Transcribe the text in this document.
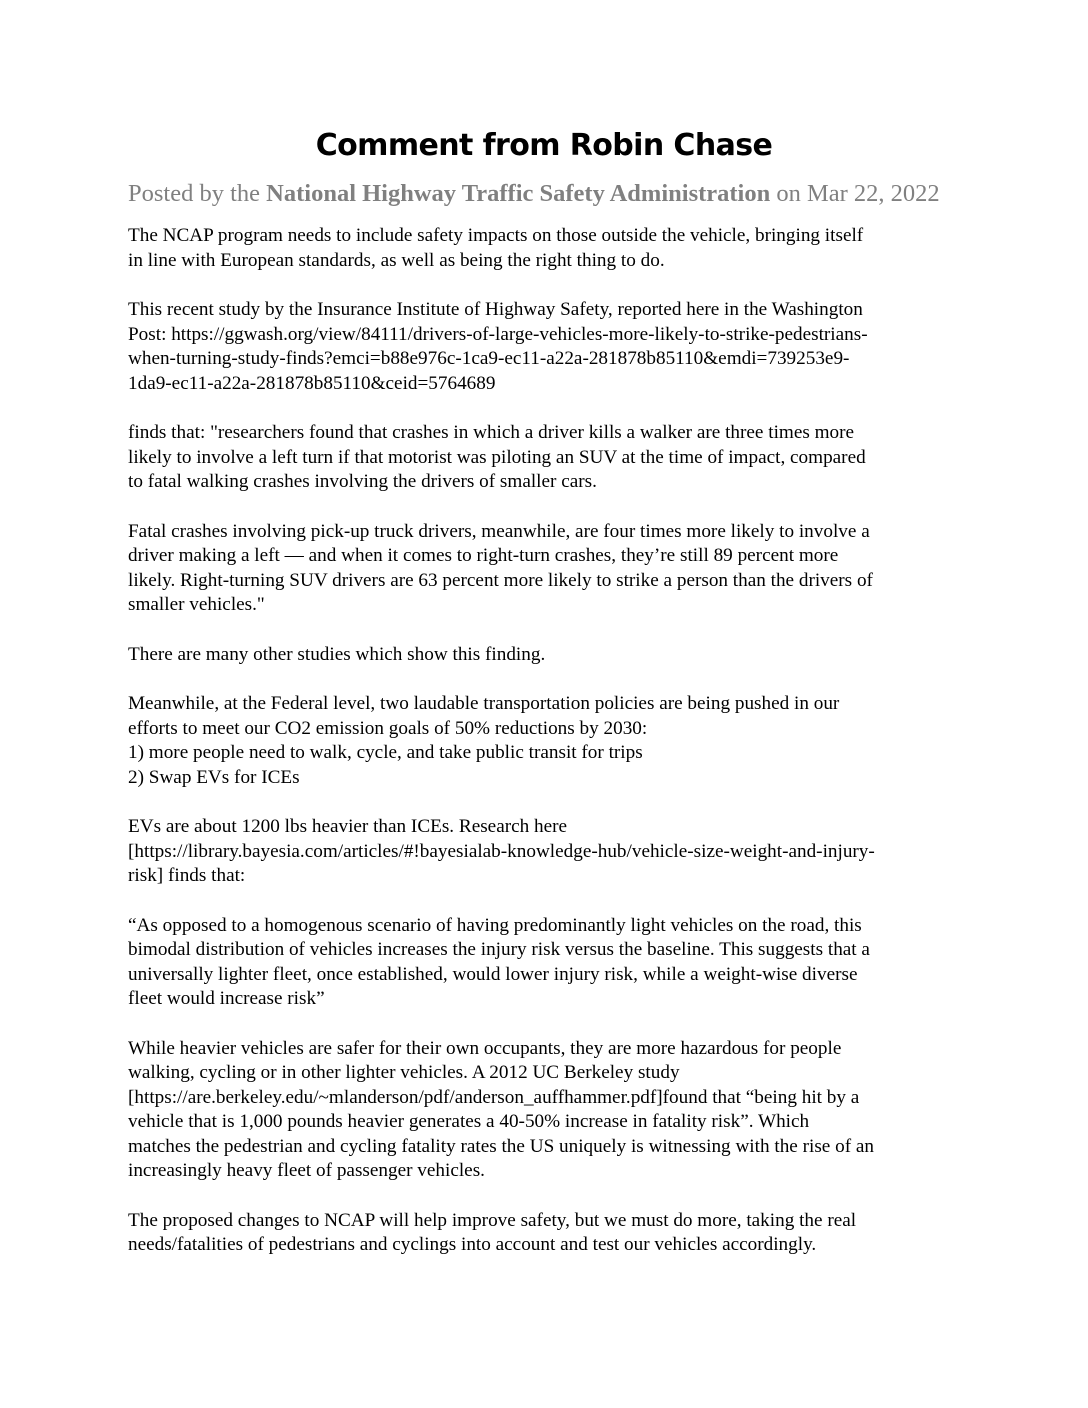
Comment from Robin Chase
Posted by the National Highway Traffic Safety Administration on Mar 22, 2022

The NCAP program needs to include safety impacts on those outside the vehicle, bringing itself
in line with European standards, as well as being the right thing to do.

This recent study by the Insurance Institute of Highway Safety, reported here in the Washington
Post: https://ggwash.org/view/84111/drivers-of-large-vehicles-more-likely-to-strike-pedestrians-
when-turning-study-finds?emci=b88e976c-1ca9-ec11-a22a-281878b85110&emdi=739253e9-
1da9-ec11-a22a-281878b85110&ceid=5764689

finds that: "researchers found that crashes in which a driver kills a walker are three times more
likely to involve a left turn if that motorist was piloting an SUV at the time of impact, compared
to fatal walking crashes involving the drivers of smaller cars.

Fatal crashes involving pick-up truck drivers, meanwhile, are four times more likely to involve a
driver making a left — and when it comes to right-turn crashes, they’re still 89 percent more
likely. Right-turning SUV drivers are 63 percent more likely to strike a person than the drivers of
smaller vehicles."

There are many other studies which show this finding.

Meanwhile, at the Federal level, two laudable transportation policies are being pushed in our
efforts to meet our CO2 emission goals of 50% reductions by 2030:
1) more people need to walk, cycle, and take public transit for trips
2) Swap EVs for ICEs

EVs are about 1200 lbs heavier than ICEs. Research here
[https://library.bayesia.com/articles/#!bayesialab-knowledge-hub/vehicle-size-weight-and-injury-
risk] finds that:

“As opposed to a homogenous scenario of having predominantly light vehicles on the road, this
bimodal distribution of vehicles increases the injury risk versus the baseline. This suggests that a
universally lighter fleet, once established, would lower injury risk, while a weight-wise diverse
fleet would increase risk”

While heavier vehicles are safer for their own occupants, they are more hazardous for people
walking, cycling or in other lighter vehicles. A 2012 UC Berkeley study
[https://are.berkeley.edu/~mlanderson/pdf/anderson_auffhammer.pdf]found that “being hit by a
vehicle that is 1,000 pounds heavier generates a 40-50% increase in fatality risk”. Which
matches the pedestrian and cycling fatality rates the US uniquely is witnessing with the rise of an
increasingly heavy fleet of passenger vehicles.

The proposed changes to NCAP will help improve safety, but we must do more, taking the real
needs/fatalities of pedestrians and cyclings into account and test our vehicles accordingly.
